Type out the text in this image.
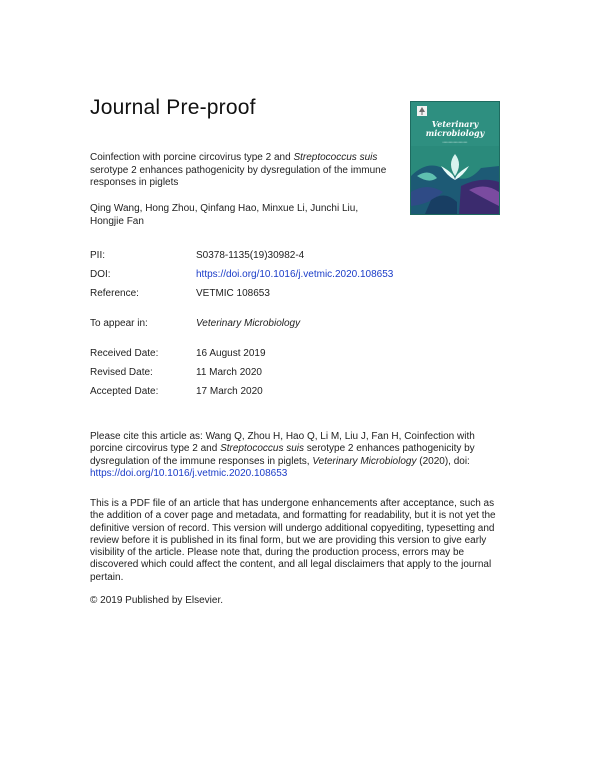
Journal Pre-proof
Veterinary
microbiology
••••••••••••••••••••
Coinfection with porcine circovirus type 2 and Streptococcus suis serotype 2 enhances pathogenicity by dysregulation of the immune responses in piglets
Qing Wang, Hong Zhou, Qinfang Hao, Minxue Li, Junchi Liu, Hongjie Fan
PII:	S0378-1135(19)30982-4
DOI:	https://doi.org/10.1016/j.vetmic.2020.108653
Reference:	VETMIC 108653
To appear in:	Veterinary Microbiology
Received Date:	16 August 2019
Revised Date:	11 March 2020
Accepted Date:	17 March 2020
Please cite this article as: Wang Q, Zhou H, Hao Q, Li M, Liu J, Fan H, Coinfection with porcine circovirus type 2 and Streptococcus suis serotype 2 enhances pathogenicity by dysregulation of the immune responses in piglets, Veterinary Microbiology (2020), doi: https://doi.org/10.1016/j.vetmic.2020.108653
This is a PDF file of an article that has undergone enhancements after acceptance, such as the addition of a cover page and metadata, and formatting for readability, but it is not yet the definitive version of record. This version will undergo additional copyediting, typesetting and review before it is published in its final form, but we are providing this version to give early visibility of the article. Please note that, during the production process, errors may be discovered which could affect the content, and all legal disclaimers that apply to the journal pertain.
© 2019 Published by Elsevier.
